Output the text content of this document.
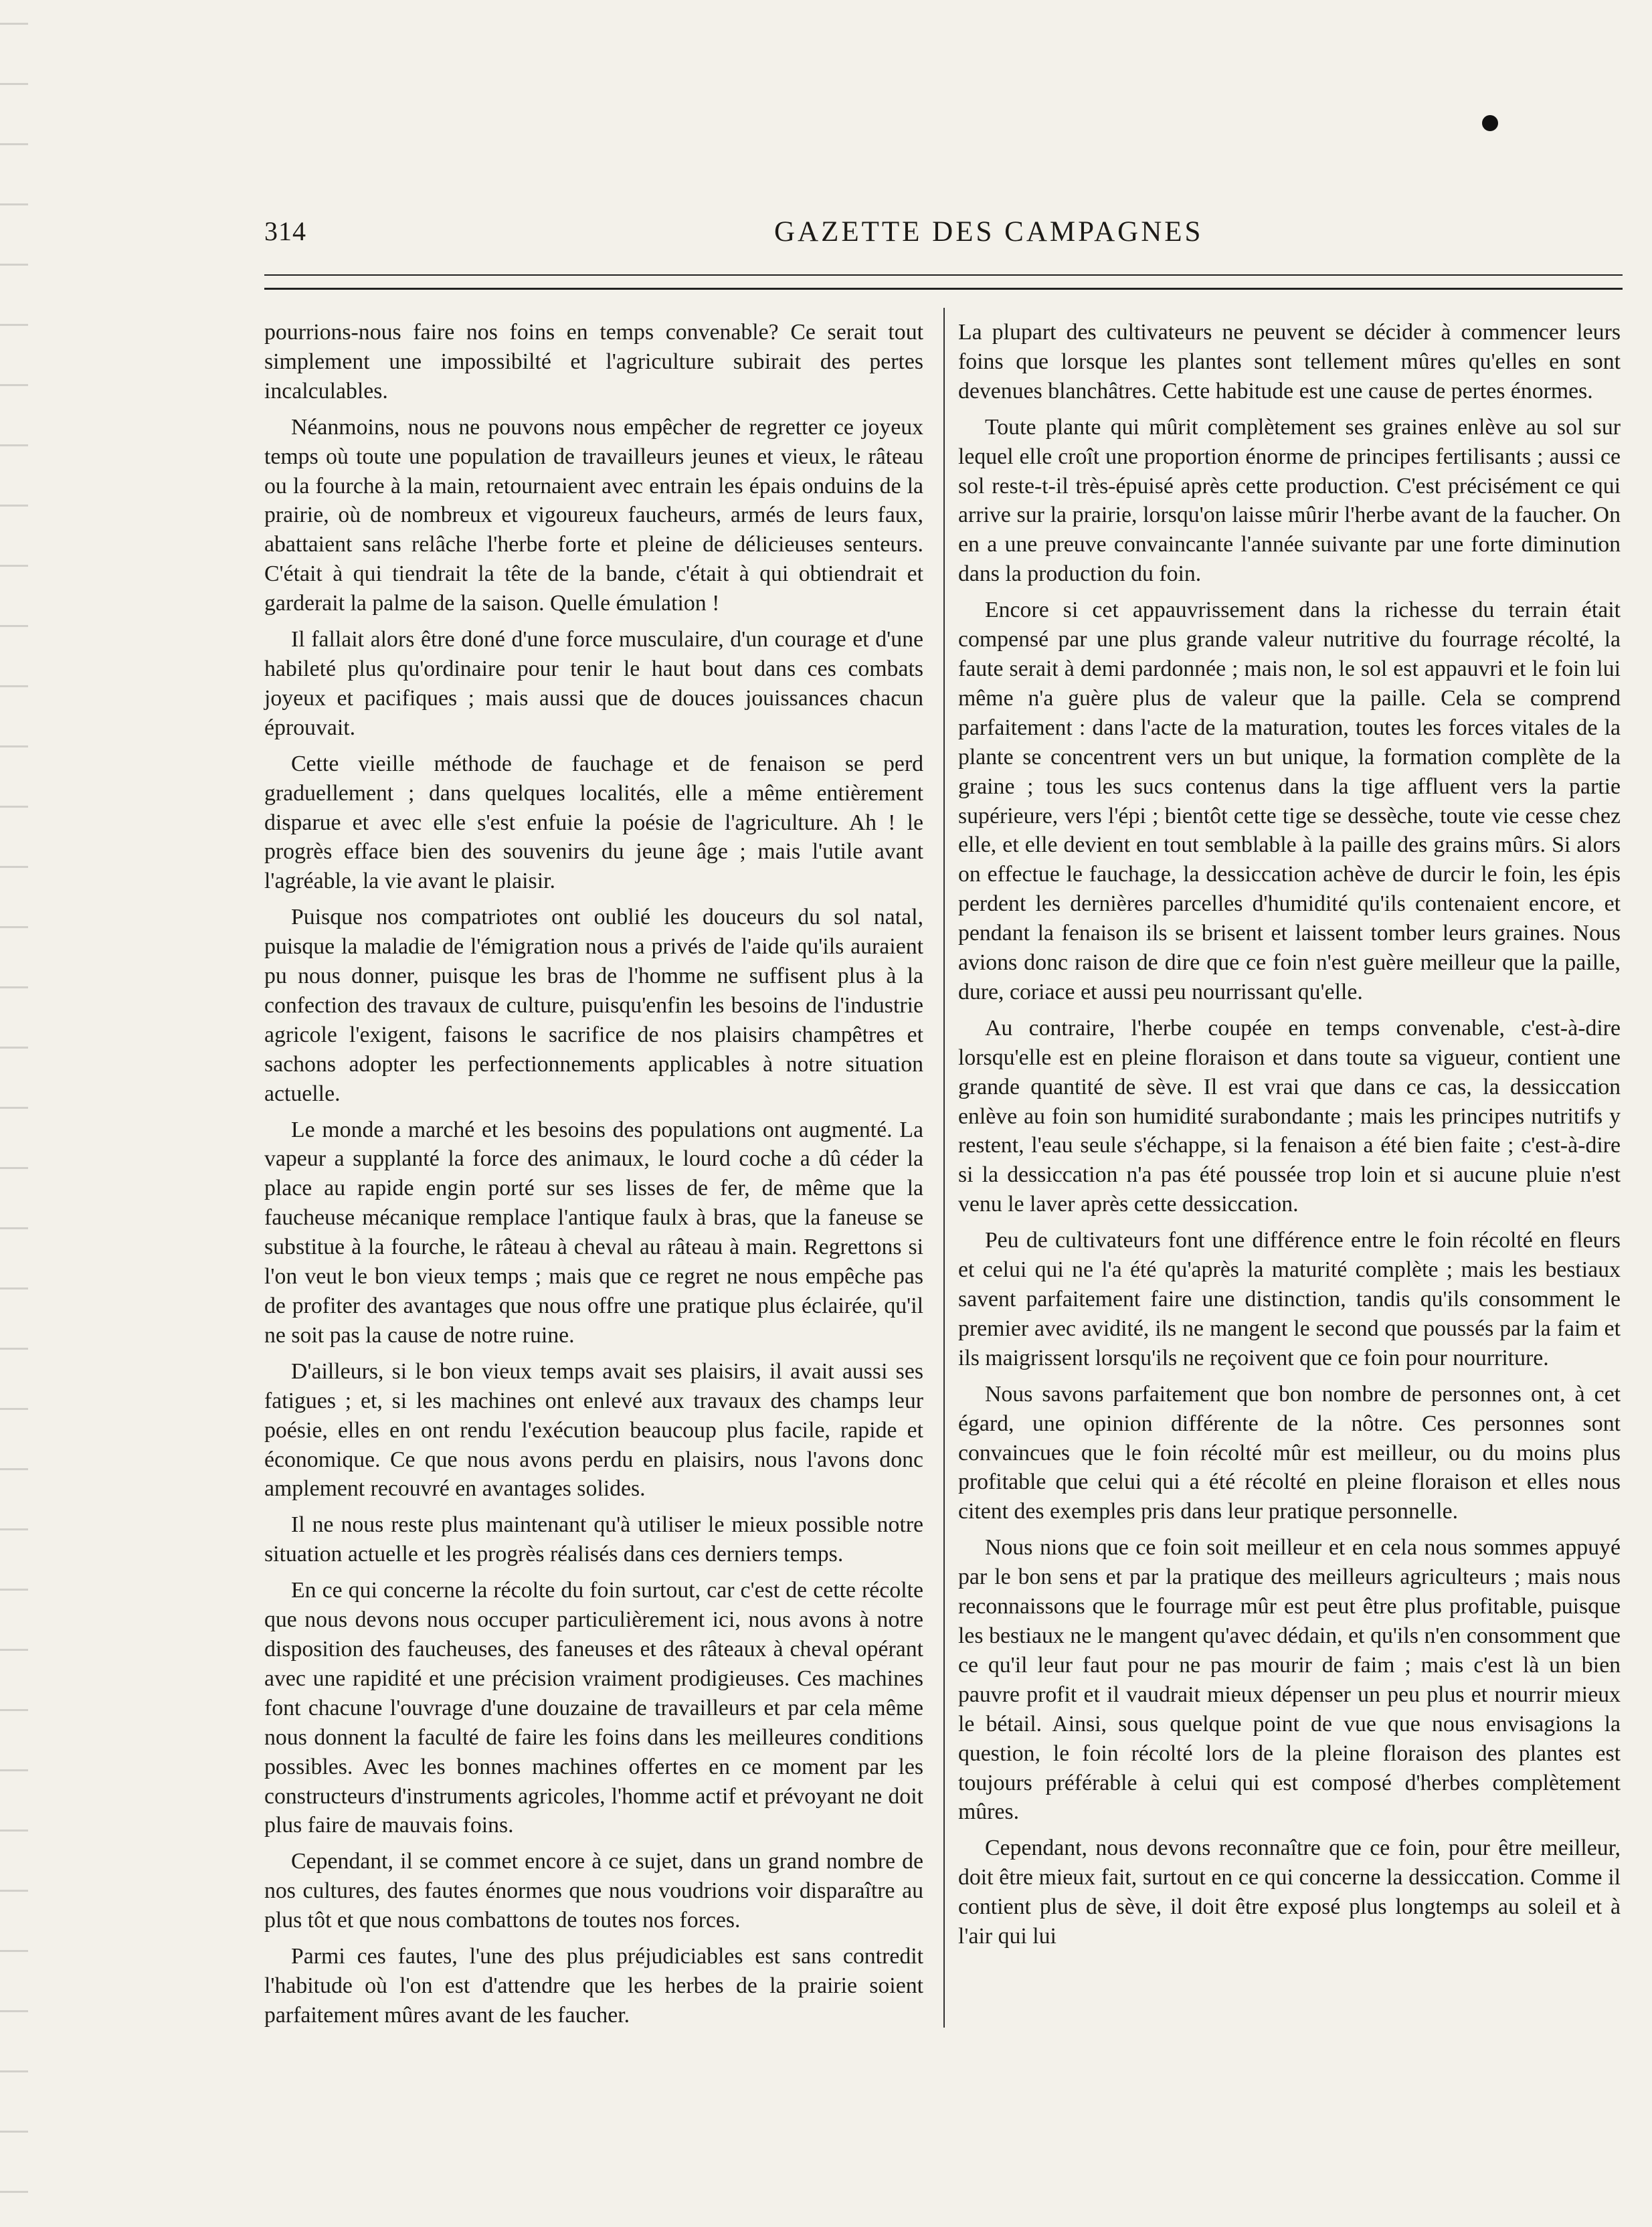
314	GAZETTE DES CAMPAGNES

pourrions-nous faire nos foins en temps convenable? Ce serait tout simplement une impossibilté et l'agriculture subirait des pertes incalculables.

Néanmoins, nous ne pouvons nous empêcher de regretter ce joyeux temps où toute une population de travailleurs jeunes et vieux, le râteau ou la fourche à la main, retournaient avec entrain les épais onduins de la prairie, où de nombreux et vigoureux faucheurs, armés de leurs faux, abattaient sans relâche l'herbe forte et pleine de délicieuses senteurs. C'était à qui tiendrait la tête de la bande, c'était à qui obtiendrait et garderait la palme de la saison. Quelle émulation !

Il fallait alors être doné d'une force musculaire, d'un courage et d'une habileté plus qu'ordinaire pour tenir le haut bout dans ces combats joyeux et pacifiques ; mais aussi que de douces jouissances chacun éprouvait.

Cette vieille méthode de fauchage et de fenaison se perd graduellement ; dans quelques localités, elle a même entièrement disparue et avec elle s'est enfuie la poésie de l'agriculture. Ah ! le progrès efface bien des souvenirs du jeune âge ; mais l'utile avant l'agréable, la vie avant le plaisir.

Puisque nos compatriotes ont oublié les douceurs du sol natal, puisque la maladie de l'émigration nous a privés de l'aide qu'ils auraient pu nous donner, puisque les bras de l'homme ne suffisent plus à la confection des travaux de culture, puisqu'enfin les besoins de l'industrie agricole l'exigent, faisons le sacrifice de nos plaisirs champêtres et sachons adopter les perfectionnements applicables à notre situation actuelle.

Le monde a marché et les besoins des populations ont augmenté. La vapeur a supplanté la force des animaux, le lourd coche a dû céder la place au rapide engin porté sur ses lisses de fer, de même que la faucheuse mécanique remplace l'antique faulx à bras, que la faneuse se substitue à la fourche, le râteau à cheval au râteau à main. Regrettons si l'on veut le bon vieux temps ; mais que ce regret ne nous empêche pas de profiter des avantages que nous offre une pratique plus éclairée, qu'il ne soit pas la cause de notre ruine.

D'ailleurs, si le bon vieux temps avait ses plaisirs, il avait aussi ses fatigues ; et, si les machines ont enlevé aux travaux des champs leur poésie, elles en ont rendu l'exécution beaucoup plus facile, rapide et économique. Ce que nous avons perdu en plaisirs, nous l'avons donc amplement recouvré en avantages solides.

Il ne nous reste plus maintenant qu'à utiliser le mieux possible notre situation actuelle et les progrès réalisés dans ces derniers temps.

En ce qui concerne la récolte du foin surtout, car c'est de cette récolte que nous devons nous occuper particulièrement ici, nous avons à notre disposition des faucheuses, des faneuses et des râteaux à cheval opérant avec une rapidité et une précision vraiment prodigieuses. Ces machines font chacune l'ouvrage d'une douzaine de travailleurs et par cela même nous donnent la faculté de faire les foins dans les meilleures conditions possibles. Avec les bonnes machines offertes en ce moment par les constructeurs d'instruments agricoles, l'homme actif et prévoyant ne doit plus faire de mauvais foins.

Cependant, il se commet encore à ce sujet, dans un grand nombre de nos cultures, des fautes énormes que nous voudrions voir disparaître au plus tôt et que nous combattons de toutes nos forces.

Parmi ces fautes, l'une des plus préjudiciables est sans contredit l'habitude où l'on est d'attendre que les herbes de la prairie soient parfaitement mûres avant de les faucher.

La plupart des cultivateurs ne peuvent se décider à commencer leurs foins que lorsque les plantes sont tellement mûres qu'elles en sont devenues blanchâtres. Cette habitude est une cause de pertes énormes.

Toute plante qui mûrit complètement ses graines enlève au sol sur lequel elle croît une proportion énorme de principes fertilisants ; aussi ce sol reste-t-il très-épuisé après cette production. C'est précisément ce qui arrive sur la prairie, lorsqu'on laisse mûrir l'herbe avant de la faucher. On en a une preuve convaincante l'année suivante par une forte diminution dans la production du foin.

Encore si cet appauvrissement dans la richesse du terrain était compensé par une plus grande valeur nutritive du fourrage récolté, la faute serait à demi pardonnée ; mais non, le sol est appauvri et le foin lui même n'a guère plus de valeur que la paille. Cela se comprend parfaitement : dans l'acte de la maturation, toutes les forces vitales de la plante se concentrent vers un but unique, la formation complète de la graine ; tous les sucs contenus dans la tige affluent vers la partie supérieure, vers l'épi ; bientôt cette tige se dessèche, toute vie cesse chez elle, et elle devient en tout semblable à la paille des grains mûrs. Si alors on effectue le fauchage, la dessiccation achève de durcir le foin, les épis perdent les dernières parcelles d'humidité qu'ils contenaient encore, et pendant la fenaison ils se brisent et laissent tomber leurs graines. Nous avions donc raison de dire que ce foin n'est guère meilleur que la paille, dure, coriace et aussi peu nourrissant qu'elle.

Au contraire, l'herbe coupée en temps convenable, c'est-à-dire lorsqu'elle est en pleine floraison et dans toute sa vigueur, contient une grande quantité de sève. Il est vrai que dans ce cas, la dessiccation enlève au foin son humidité surabondante ; mais les principes nutritifs y restent, l'eau seule s'échappe, si la fenaison a été bien faite ; c'est-à-dire si la dessiccation n'a pas été poussée trop loin et si aucune pluie n'est venu le laver après cette dessiccation.

Peu de cultivateurs font une différence entre le foin récolté en fleurs et celui qui ne l'a été qu'après la maturité complète ; mais les bestiaux savent parfaitement faire une distinction, tandis qu'ils consomment le premier avec avidité, ils ne mangent le second que poussés par la faim et ils maigrissent lorsqu'ils ne reçoivent que ce foin pour nourriture.

Nous savons parfaitement que bon nombre de personnes ont, à cet égard, une opinion différente de la nôtre. Ces personnes sont convaincues que le foin récolté mûr est meilleur, ou du moins plus profitable que celui qui a été récolté en pleine floraison et elles nous citent des exemples pris dans leur pratique personnelle.

Nous nions que ce foin soit meilleur et en cela nous sommes appuyé par le bon sens et par la pratique des meilleurs agriculteurs ; mais nous reconnaissons que le fourrage mûr est peut être plus profitable, puisque les bestiaux ne le mangent qu'avec dédain, et qu'ils n'en consomment que ce qu'il leur faut pour ne pas mourir de faim ; mais c'est là un bien pauvre profit et il vaudrait mieux dépenser un peu plus et nourrir mieux le bétail. Ainsi, sous quelque point de vue que nous envisagions la question, le foin récolté lors de la pleine floraison des plantes est toujours préférable à celui qui est composé d'herbes complètement mûres.

Cependant, nous devons reconnaître que ce foin, pour être meilleur, doit être mieux fait, surtout en ce qui concerne la dessiccation. Comme il contient plus de sève, il doit être exposé plus longtemps au soleil et à l'air qui lui
